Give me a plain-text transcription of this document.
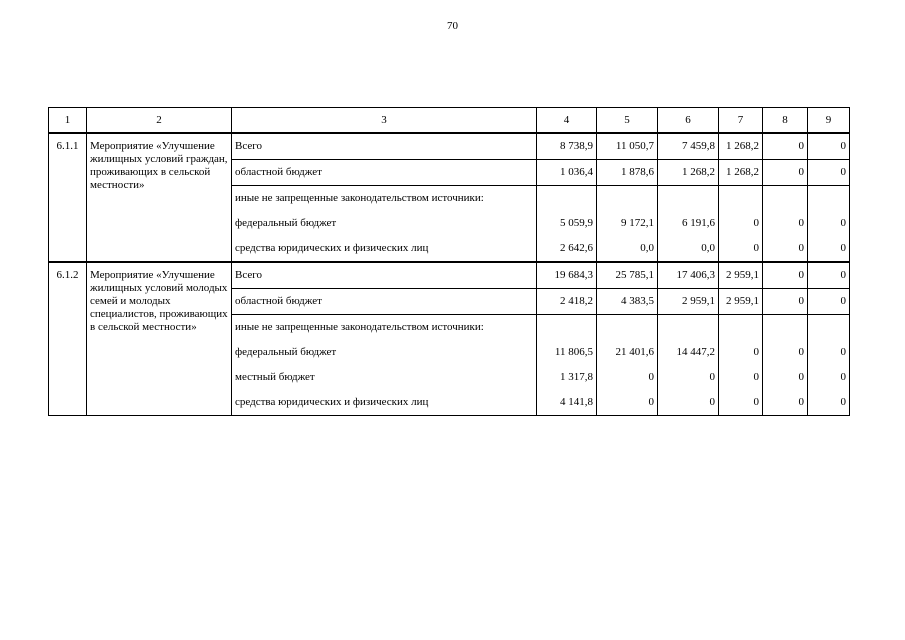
70
1	2	3	4	5	6	7	8	9
6.1.1	Мероприятие «Улучшение жилищных условий граждан, проживающих в сельской местности»	Всего	8 738,9	11 050,7	7 459,8	1 268,2	0	0
		областной бюджет	1 036,4	1 878,6	1 268,2	1 268,2	0	0
		иные не запрещенные законодательством источники:						
		федеральный бюджет	5 059,9	9 172,1	6 191,6	0	0	0
		средства юридических и физических лиц	2 642,6	0,0	0,0	0	0	0
6.1.2	Мероприятие «Улучшение жилищных условий молодых семей и молодых специалистов, проживающих в сельской местности»	Всего	19 684,3	25 785,1	17 406,3	2 959,1	0	0
		областной бюджет	2 418,2	4 383,5	2 959,1	2 959,1	0	0
		иные не запрещенные законодательством источники:						
		федеральный бюджет	11 806,5	21 401,6	14 447,2	0	0	0
		местный бюджет	1 317,8	0	0	0	0	0
		средства юридических и физических лиц	4 141,8	0	0	0	0	0
